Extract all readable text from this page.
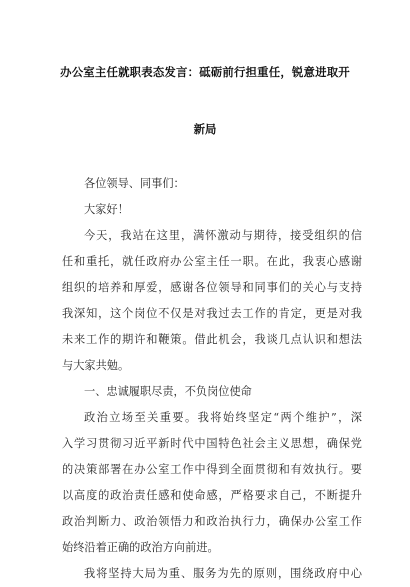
办公室主任就职表态发言：砥砺前行担重任，锐意进取开
新局
各位领导、同事们：
大家好！
今天，我站在这里，满怀激动与期待，接受组织的信
任和重托，就任政府办公室主任一职。在此，我衷心感谢
组织的培养和厚爱，感谢各位领导和同事们的关心与支持
我深知，这个岗位不仅是对我过去工作的肯定，更是对我
未来工作的期许和鞭策。借此机会，我谈几点认识和想法
与大家共勉。
一、忠诚履职尽责，不负岗位使命
政治立场至关重要。我将始终坚定“两个维护”，深
入学习贯彻习近平新时代中国特色社会主义思想，确保党
的决策部署在办公室工作中得到全面贯彻和有效执行。要
以高度的政治责任感和使命感，严格要求自己，不断提升
政治判断力、政治领悟力和政治执行力，确保办公室工作
始终沿着正确的政治方向前进。
我将坚持大局为重、服务为先的原则，围绕政府中心
